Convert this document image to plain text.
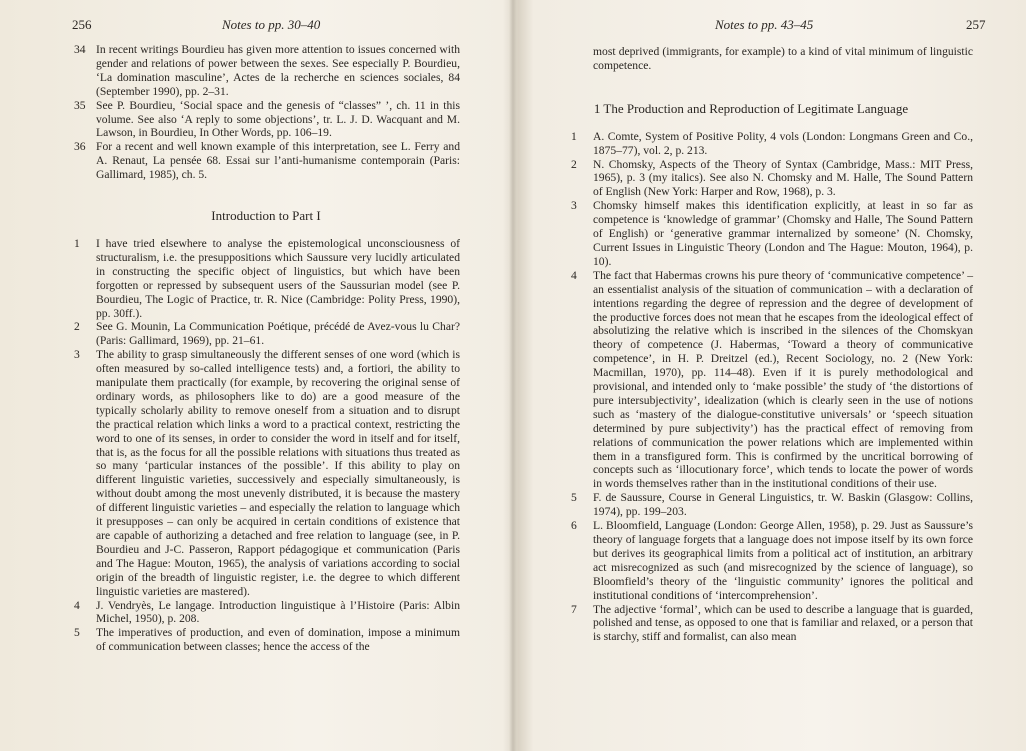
256	Notes to pp. 30–40

34 In recent writings Bourdieu has given more attention to issues concerned with gender and relations of power between the sexes. See especially P. Bourdieu, ‘La domination masculine’, Actes de la recherche en sciences sociales, 84 (September 1990), pp. 2–31.

35 See P. Bourdieu, ‘Social space and the genesis of “classes” ’, ch. 11 in this volume. See also ‘A reply to some objections’, tr. L. J. D. Wacquant and M. Lawson, in Bourdieu, In Other Words, pp. 106–19.

36 For a recent and well known example of this interpretation, see L. Ferry and A. Renaut, La pensée 68. Essai sur l’anti-humanisme contemporain (Paris: Gallimard, 1985), ch. 5.

Introduction to Part I

1 I have tried elsewhere to analyse the epistemological unconsciousness of structuralism, i.e. the presuppositions which Saussure very lucidly articulated in constructing the specific object of linguistics, but which have been forgotten or repressed by subsequent users of the Saussurian model (see P. Bourdieu, The Logic of Practice, tr. R. Nice (Cambridge: Polity Press, 1990), pp. 30ff.).

2 See G. Mounin, La Communication Poétique, précédé de Avez-vous lu Char? (Paris: Gallimard, 1969), pp. 21–61.

3 The ability to grasp simultaneously the different senses of one word (which is often measured by so-called intelligence tests) and, a fortiori, the ability to manipulate them practically (for example, by recovering the original sense of ordinary words, as philosophers like to do) are a good measure of the typically scholarly ability to remove oneself from a situation and to disrupt the practical relation which links a word to a practical context, restricting the word to one of its senses, in order to consider the word in itself and for itself, that is, as the focus for all the possible relations with situations thus treated as so many ‘particular instances of the possible’. If this ability to play on different linguistic varieties, successively and especially simultaneously, is without doubt among the most unevenly distributed, it is because the mastery of different linguistic varieties – and especially the relation to language which it presupposes – can only be acquired in certain conditions of existence that are capable of authorizing a detached and free relation to language (see, in P. Bourdieu and J-C. Passeron, Rapport pédagogique et communication (Paris and The Hague: Mouton, 1965), the analysis of variations according to social origin of the breadth of linguistic register, i.e. the degree to which different linguistic varieties are mastered).

4 J. Vendryès, Le langage. Introduction linguistique à l’Histoire (Paris: Albin Michel, 1950), p. 208.

5 The imperatives of production, and even of domination, impose a minimum of communication between classes; hence the access of the

Notes to pp. 43–45	257

most deprived (immigrants, for example) to a kind of vital minimum of linguistic competence.

1 The Production and Reproduction of Legitimate Language

1 A. Comte, System of Positive Polity, 4 vols (London: Longmans Green and Co., 1875–77), vol. 2, p. 213.

2 N. Chomsky, Aspects of the Theory of Syntax (Cambridge, Mass.: MIT Press, 1965), p. 3 (my italics). See also N. Chomsky and M. Halle, The Sound Pattern of English (New York: Harper and Row, 1968), p. 3.

3 Chomsky himself makes this identification explicitly, at least in so far as competence is ‘knowledge of grammar’ (Chomsky and Halle, The Sound Pattern of English) or ‘generative grammar internalized by someone’ (N. Chomsky, Current Issues in Linguistic Theory (London and The Hague: Mouton, 1964), p. 10).

4 The fact that Habermas crowns his pure theory of ‘communicative competence’ – an essentialist analysis of the situation of communication – with a declaration of intentions regarding the degree of repression and the degree of development of the productive forces does not mean that he escapes from the ideological effect of absolutizing the relative which is inscribed in the silences of the Chomskyan theory of competence (J. Habermas, ‘Toward a theory of communicative competence’, in H. P. Dreitzel (ed.), Recent Sociology, no. 2 (New York: Macmillan, 1970), pp. 114–48). Even if it is purely methodological and provisional, and intended only to ‘make possible’ the study of ‘the distortions of pure intersubjectivity’, idealization (which is clearly seen in the use of notions such as ‘mastery of the dialogue-constitutive universals’ or ‘speech situation determined by pure subjectivity’) has the practical effect of removing from relations of communication the power relations which are implemented within them in a transfigured form. This is confirmed by the uncritical borrowing of concepts such as ‘illocutionary force’, which tends to locate the power of words in words themselves rather than in the institutional conditions of their use.

5 F. de Saussure, Course in General Linguistics, tr. W. Baskin (Glasgow: Collins, 1974), pp. 199–203.

6 L. Bloomfield, Language (London: George Allen, 1958), p. 29. Just as Saussure’s theory of language forgets that a language does not impose itself by its own force but derives its geographical limits from a political act of institution, an arbitrary act misrecognized as such (and misrecognized by the science of language), so Bloomfield’s theory of the ‘linguistic community’ ignores the political and institutional conditions of ‘intercomprehension’.

7 The adjective ‘formal’, which can be used to describe a language that is guarded, polished and tense, as opposed to one that is familiar and relaxed, or a person that is starchy, stiff and formalist, can also mean
